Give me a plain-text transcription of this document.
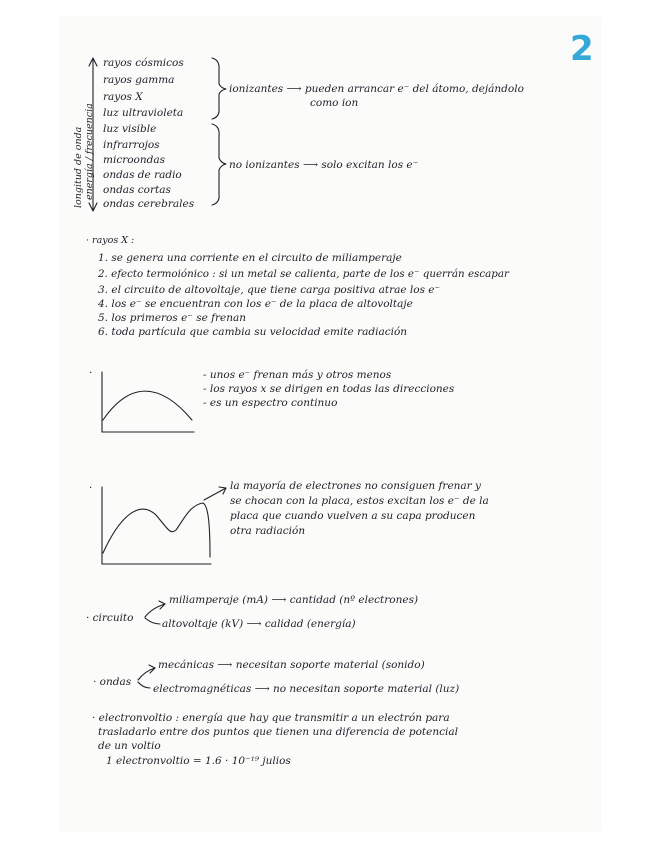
2
longitud de onda energía / frecuencia
rayos cósmicos
rayos gamma
rayos X
luz ultravioleta
luz visible
infrarrojos
microondas
ondas de radio
ondas cortas
ondas cerebrales
ionizantes ⟶ pueden arrancar e⁻ del átomo, dejándolo
como ion
no ionizantes ⟶ solo excitan los e⁻
· rayos X :
1. se genera una corriente en el circuito de miliamperaje
2. efecto termoiónico : si un metal se calienta, parte de los e⁻ querrán escapar
3. el circuito de altovoltaje, que tiene carga positiva atrae los e⁻
4. los e⁻ se encuentran con los e⁻ de la placa de altovoltaje
5. los primeros e⁻ se frenan
6. toda partícula que cambia su velocidad emite radiación
·	- unos e⁻ frenan más y otros menos
- los rayos x se dirigen en todas las direcciones
- es un espectro continuo
·	la mayoría de electrones no consiguen frenar y
se chocan con la placa, estos excitan los e⁻ de la
placa que cuando vuelven a su capa producen
otra radiación
· circuito
miliamperaje (mA) ⟶ cantidad (nº electrones)
altovoltaje (kV) ⟶ calidad (energía)
· ondas
mecánicas ⟶ necesitan soporte material (sonido)
electromagnéticas ⟶ no necesitan soporte material (luz)
· electronvoltio : energía que hay que transmitir a un electrón para
trasladarlo entre dos puntos que tienen una diferencia de potencial
de un voltio
1 electronvoltio = 1.6 · 10⁻¹⁹ julios
